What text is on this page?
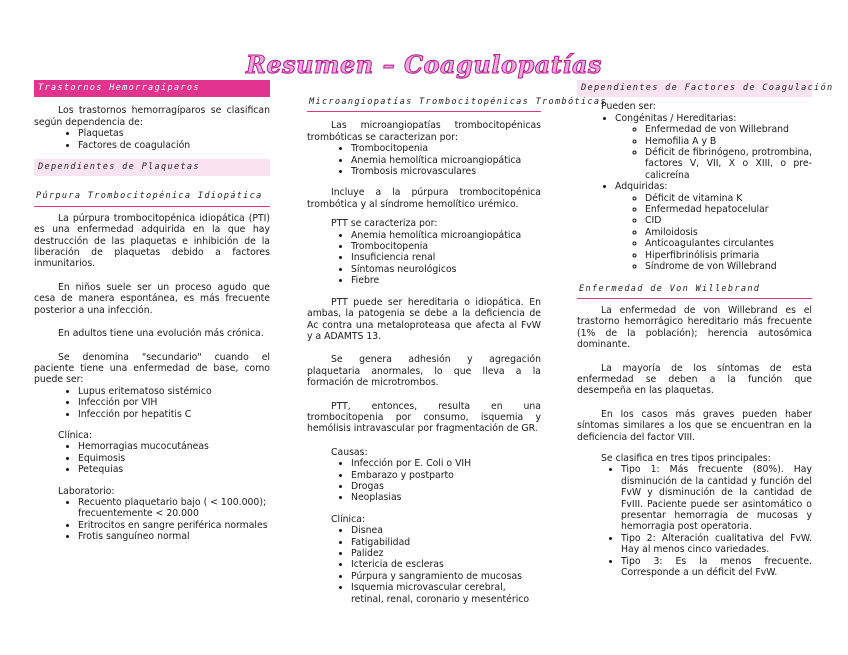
Resumen – Coagulopatías
Trastornos Hemorragíparos

Los trastornos hemorragíparos se clasifican según dependencia de:

• Plaquetas
• Factores de coagulación
Dependientes de Plaquetas
Púrpura Trombocitopénica Idiopática

La púrpura trombocitopénica idiopática (PTI) es una enfermedad adquirida en la que hay destrucción de las plaquetas e inhibición de la liberación de plaquetas debido a factores inmunitarios.

En niños suele ser un proceso agudo que cesa de manera espontánea, es más frecuente posterior a una infección.

En adultos tiene una evolución más crónica.

Se denomina "secundario" cuando el paciente tiene una enfermedad de base, como puede ser:

• Lupus eritematoso sistémico
• Infección por VIH
• Infección por hepatitis C

Clínica:

• Hemorragias mucocutáneas
• Equimosis
• Petequias

Laboratorio:

• Recuento plaquetario bajo ( < 100.000); frecuentemente < 20.000
• Eritrocitos en sangre periférica normales
• Frotis sanguíneo normal
Microangiopatías Trombocitopénicas Trombóticas

Las microangiopatías trombocitopénicas trombóticas se caracterizan por:

• Trombocitopenia
• Anemia hemolítica microangiopática
• Trombosis microvasculares

Incluye a la púrpura trombocitopénica trombótica y al síndrome hemolítico urémico.

PTT se caracteriza por:

• Anemia hemolítica microangiopática
• Trombocitopenia
• Insuficiencia renal
• Síntomas neurológicos
• Fiebre

PTT puede ser hereditaria o idiopática. En ambas, la patogenia se debe a la deficiencia de Ac contra una metaloproteasa que afecta al FvW y a ADAMTS 13.

Se genera adhesión y agregación plaquetaria anormales, lo que lleva a la formación de microtrombos.

PTT, entonces, resulta en una trombocitopenia por consumo, isquemia y hemólisis intravascular por fragmentación de GR.

Causas:

• Infección por E. Coli o VIH
• Embarazo y postparto
• Drogas
• Neoplasias

Clínica:

• Disnea
• Fatigabilidad
• Palidez
• Ictericia de escleras
• Púrpura y sangramiento de mucosas
• Isquemia microvascular cerebral, retinal, renal, coronario y mesentérico
Dependientes de Factores de Coagulación

Pueden ser:

• Congénitas / Hereditarias:
◦ Enfermedad de von Willebrand
◦ Hemofilia A y B
◦ Déficit de fibrinógeno, protrombina, factores V, VII, X o XIII, o pre-calicreína
• Adquiridas:
◦ Déficit de vitamina K
◦ Enfermedad hepatocelular
◦ CID
◦ Amiloidosis
◦ Anticoagulantes circulantes
◦ Hiperfibrinólisis primaria
◦ Síndrome de von Willebrand
Enfermedad de Von Willebrand

La enfermedad de von Willebrand es el trastorno hemorrágico hereditario más frecuente (1% de la población); herencia autosómica dominante.

La mayoría de los síntomas de esta enfermedad se deben a la función que desempeña en las plaquetas.

En los casos más graves pueden haber síntomas similares a los que se encuentran en la deficiencia del factor VIII.

Se clasifica en tres tipos principales:

• Tipo 1: Más frecuente (80%). Hay disminución de la cantidad y función del FvW y disminución de la cantidad de FvIII. Paciente puede ser asintomático o presentar hemorragia de mucosas y hemorragia post operatoria.
• Tipo 2: Alteración cualitativa del FvW. Hay al menos cinco variedades.
• Tipo 3: Es la menos frecuente. Corresponde a un déficit del FvW.
